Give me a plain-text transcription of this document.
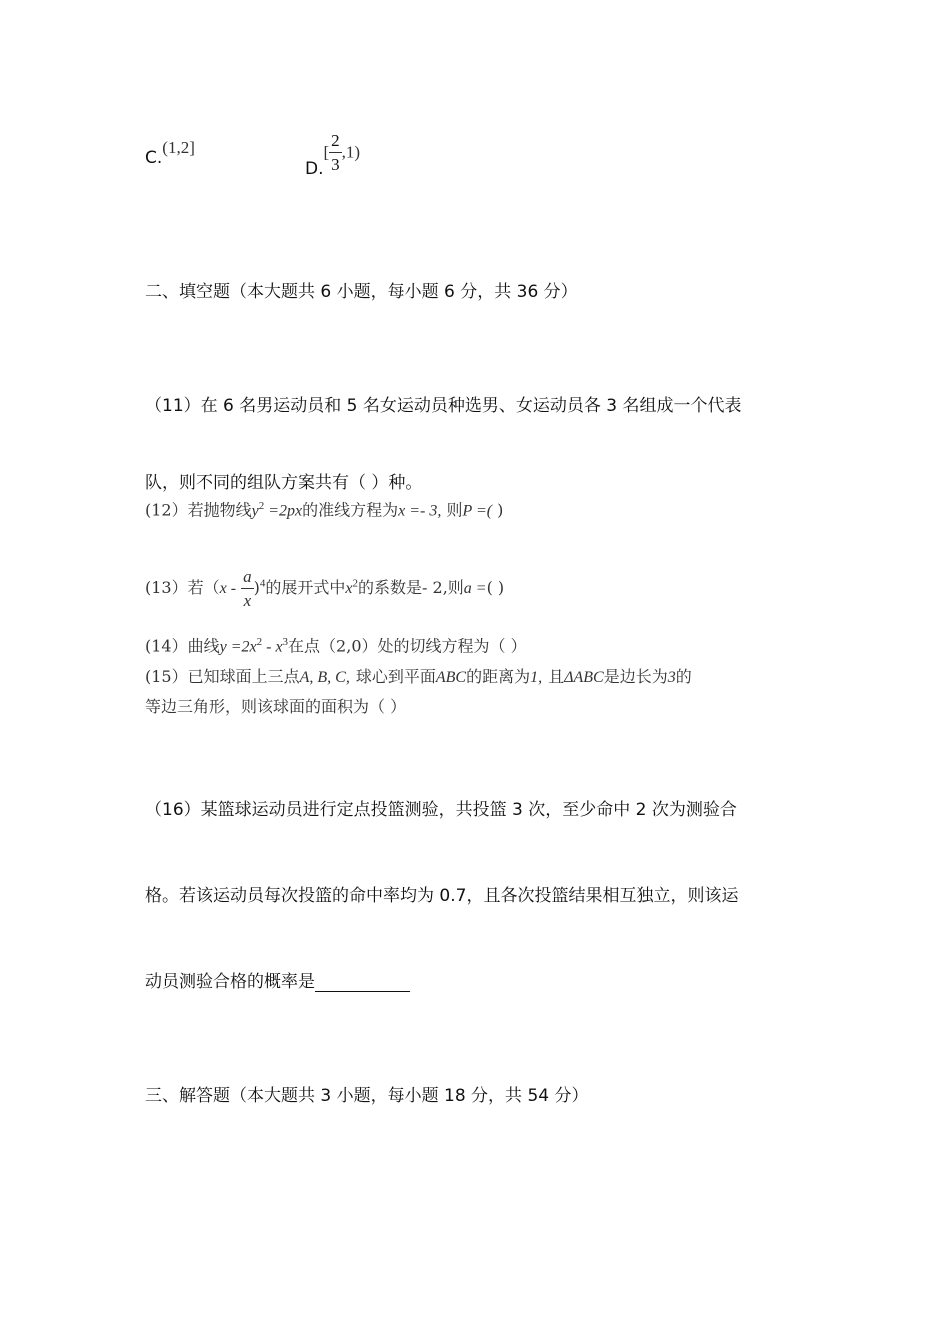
C.(1,2]
$D.[ \frac{2}{3} ,1)$
二、填空题（本大题共 6 小题，每小题 6 分，共 36 分）
（11）在 6 名男运动员和 5 名女运动员种选男、女运动员各 3 名组成一个代表
队，则不同的组队方案共有（ ）种。
(12）若抛物线$y^2 =2px$的准线方程为x =- 3, 则P =( )
(13）若$(x - \frac{a}{x} )^4$的展开式中$x^2$的系数是- 2,则a =( )
(14）曲线$y =2x^2 - x^3$在点（2,0）处的切线方程为（ ）
(15）已知球面上三点A, B, C, 球心到平面ABC的距离为1, 且ΔABC是边长为3的
等边三角形，则该球面的面积为（ ）
（16）某篮球运动员进行定点投篮测验，共投篮 3 次，至少命中 2 次为测验合
格。若该运动员每次投篮的命中率均为 0.7，且各次投篮结果相互独立，则该运
动员测验合格的概率是
三、解答题（本大题共 3 小题，每小题 18 分，共 54 分）
